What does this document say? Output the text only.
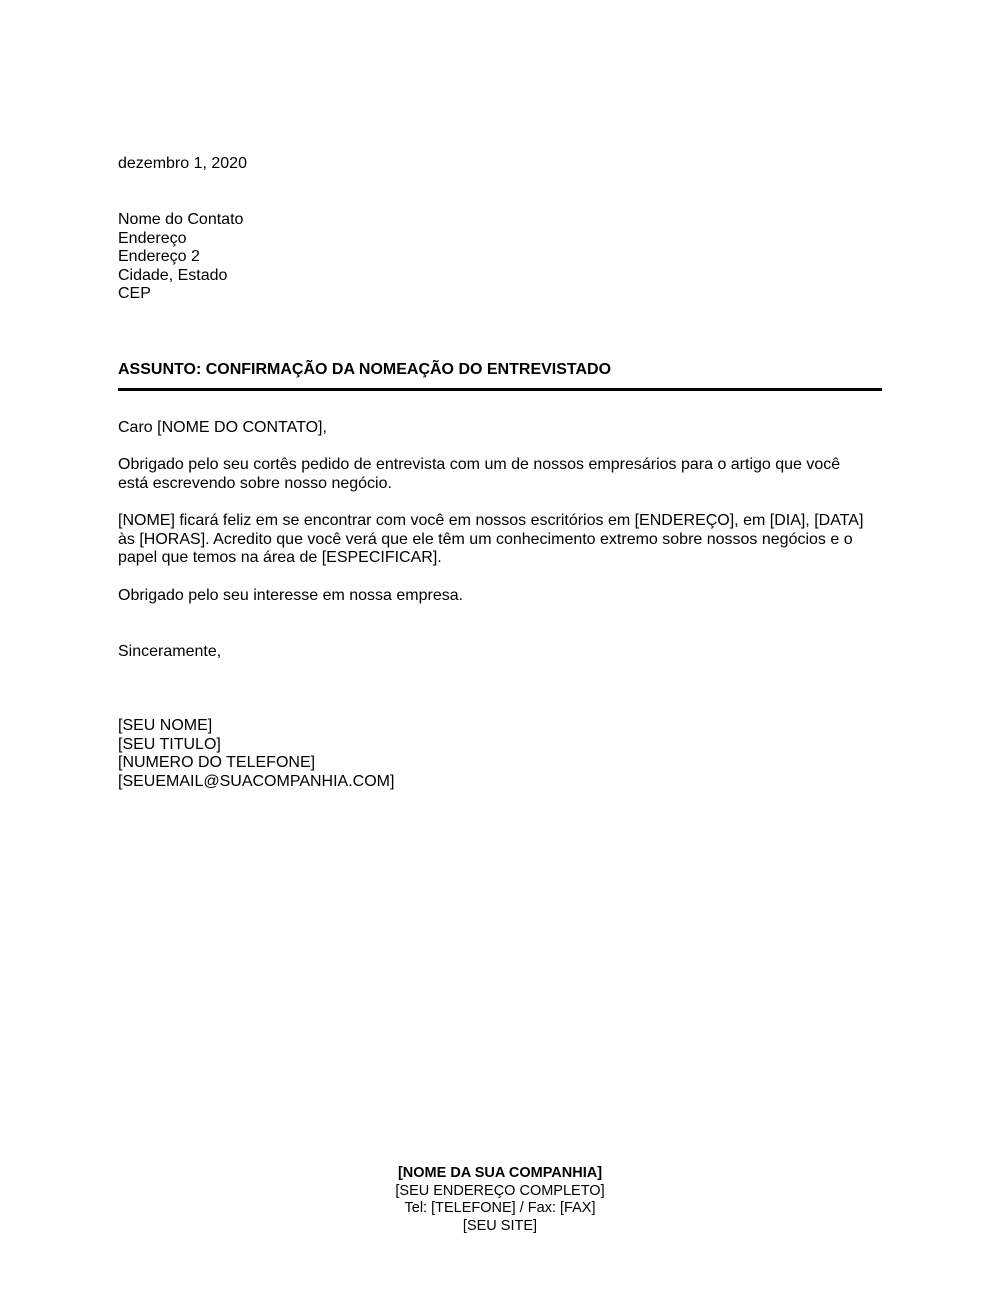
dezembro 1, 2020
Nome do Contato
Endereço
Endereço 2
Cidade, Estado
CEP
ASSUNTO: CONFIRMAÇÃO DA NOMEAÇÃO DO ENTREVISTADO
Caro [NOME DO CONTATO],
Obrigado pelo seu cortês pedido de entrevista com um de nossos empresários para o artigo que você está escrevendo sobre nosso negócio.
[NOME] ficará feliz em se encontrar com você em nossos escritórios em [ENDEREÇO], em [DIA], [DATA] às [HORAS]. Acredito que você verá que ele têm um conhecimento extremo sobre nossos negócios e o papel que temos na área de [ESPECIFICAR].
Obrigado pelo seu interesse em nossa empresa.
Sinceramente,
[SEU NOME]
[SEU TITULO]
[NUMERO DO TELEFONE]
[SEUEMAIL@SUACOMPANHIA.COM]
[NOME DA SUA COMPANHIA]
[SEU ENDEREÇO COMPLETO]
Tel: [TELEFONE] / Fax: [FAX]
[SEU SITE]
